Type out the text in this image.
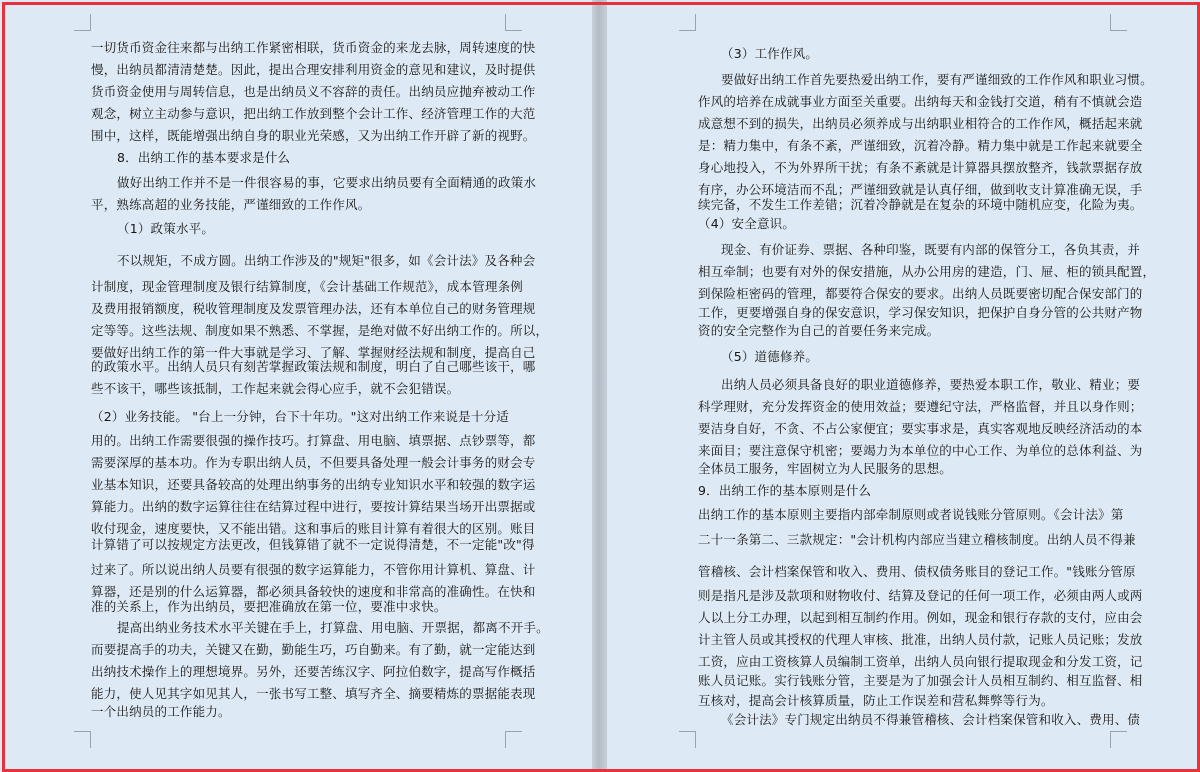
一切货币资金往来都与出纳工作紧密相联，货币资金的来龙去脉，周转速度的快
慢，出纳员都清清楚楚。因此，提出合理安排利用资金的意见和建议，及时提供
货币资金使用与周转信息，也是出纳员义不容辞的责任。出纳员应抛弃被动工作
观念，树立主动参与意识，把出纳工作放到整个会计工作、经济管理工作的大范
围中，这样，既能增强出纳自身的职业光荣感，又为出纳工作开辟了新的视野。
8．出纳工作的基本要求是什么
做好出纳工作并不是一件很容易的事，它要求出纳员要有全面精通的政策水
平，熟练高超的业务技能，严谨细致的工作作风。
（1）政策水平。
不以规矩，不成方圆。出纳工作涉及的"规矩"很多，如《会计法》及各种会
计制度，现金管理制度及银行结算制度，《会计基础工作规范》，成本管理条例
及费用报销额度，税收管理制度及发票管理办法，还有本单位自己的财务管理规
定等等。这些法规、制度如果不熟悉、不掌握，是绝对做不好出纳工作的。所以，
要做好出纳工作的第一件大事就是学习、了解、掌握财经法规和制度，提高自己
的政策水平。出纳人员只有刻苦掌握政策法规和制度，明白了自己哪些该干，哪
些不该干，哪些该抵制，工作起来就会得心应手，就不会犯错误。
（2）业务技能。 "台上一分钟，台下十年功。"这对出纳工作来说是十分适
用的。出纳工作需要很强的操作技巧。打算盘、用电脑、填票据、点钞票等，都
需要深厚的基本功。作为专职出纳人员，不但要具备处理一般会计事务的财会专
业基本知识，还要具备较高的处理出纳事务的出纳专业知识水平和较强的数字运
算能力。出纳的数字运算往往在结算过程中进行，要按计算结果当场开出票据或
收付现金，速度要快，又不能出错。这和事后的账目计算有着很大的区别。账目
计算错了可以按规定方法更改，但钱算错了就不一定说得清楚，不一定能"改"得
过来了。所以说出纳人员要有很强的数字运算能力，不管你用计算机、算盘、计
算器，还是别的什么运算器，都必须具备较快的速度和非常高的准确性。在快和
准的关系上，作为出纳员，要把准确放在第一位，要准中求快。
提高出纳业务技术水平关键在手上，打算盘、用电脑、开票据，都离不开手。
而要提高手的功夫，关键又在勤，勤能生巧，巧自勤来。有了勤，就一定能达到
出纳技术操作上的理想境界。另外，还要苦练汉字、阿拉伯数字，提高写作概括
能力，使人见其字如见其人，一张书写工整、填写齐全、摘要精炼的票据能表现
一个出纳员的工作能力。
（3）工作作风。
要做好出纳工作首先要热爱出纳工作，要有严谨细致的工作作风和职业习惯。
作风的培养在成就事业方面至关重要。出纳每天和金钱打交道，稍有不慎就会造
成意想不到的损失，出纳员必须养成与出纳职业相符合的工作作风，概括起来就
是：精力集中，有条不紊，严谨细致，沉着冷静。精力集中就是工作起来就要全
身心地投入，不为外界所干扰；有条不紊就是计算器具摆放整齐，钱款票据存放
有序，办公环境洁而不乱；严谨细致就是认真仔细，做到收支计算准确无误，手
续完备，不发生工作差错；沉着冷静就是在复杂的环境中随机应变，化险为夷。
（4）安全意识。
现金、有价证券、票据、各种印鉴，既要有内部的保管分工，各负其责，并
相互牵制；也要有对外的保安措施，从办公用房的建造，门、屉、柜的锁具配置，
到保险柜密码的管理，都要符合保安的要求。出纳人员既要密切配合保安部门的
工作，更要增强自身的保安意识，学习保安知识，把保护自身分管的公共财产物
资的安全完整作为自己的首要任务来完成。
（5）道德修养。
出纳人员必须具备良好的职业道德修养，要热爱本职工作，敬业、精业；要
科学理财，充分发挥资金的使用效益；要遵纪守法，严格监督，并且以身作则；
要洁身自好，不贪、不占公家便宜；要实事求是，真实客观地反映经济活动的本
来面目；要注意保守机密；要竭力为本单位的中心工作、为单位的总体利益、为
全体员工服务，牢固树立为人民服务的思想。
9．出纳工作的基本原则是什么
出纳工作的基本原则主要指内部牵制原则或者说钱账分管原则。《会计法》第
二十一条第二、三款规定："会计机构内部应当建立稽核制度。出纳人员不得兼
管稽核、会计档案保管和收入、费用、债权债务账目的登记工作。"钱账分管原
则是指凡是涉及款项和财物收付、结算及登记的任何一项工作，必须由两人或两
人以上分工办理，以起到相互制约作用。例如，现金和银行存款的支付，应由会
计主管人员或其授权的代理人审核、批准，出纳人员付款，记账人员记账；发放
工资，应由工资核算人员编制工资单，出纳人员向银行提取现金和分发工资，记
账人员记账。实行钱账分管，主要是为了加强会计人员相互制约、相互监督、相
互核对，提高会计核算质量，防止工作误差和营私舞弊等行为。
《会计法》专门规定出纳员不得兼管稽核、会计档案保管和收入、费用、债
